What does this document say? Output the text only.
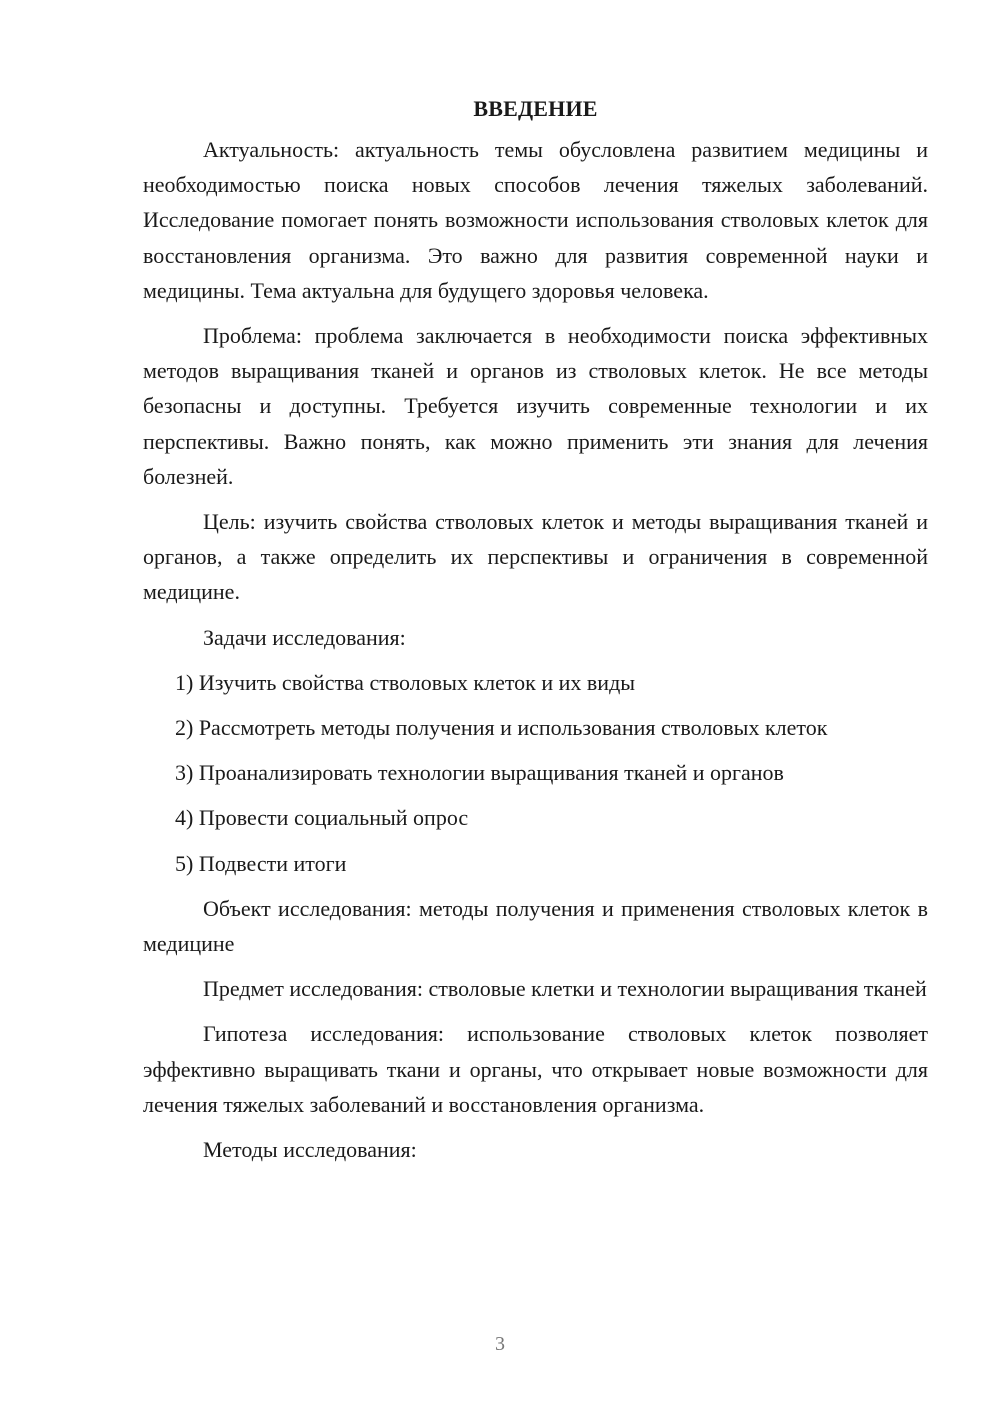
ВВЕДЕНИЕ

Актуальность: актуальность темы обусловлена развитием медицины и необходимостью поиска новых способов лечения тяжелых заболеваний. Исследование помогает понять возможности использования стволовых клеток для восстановления организма. Это важно для развития современной науки и медицины. Тема актуальна для будущего здоровья человека.

Проблема: проблема заключается в необходимости поиска эффективных методов выращивания тканей и органов из стволовых клеток. Не все методы безопасны и доступны. Требуется изучить современные технологии и их перспективы. Важно понять, как можно применить эти знания для лечения болезней.

Цель: изучить свойства стволовых клеток и методы выращивания тканей и органов, а также определить их перспективы и ограничения в современной медицине.

Задачи исследования:

1) Изучить свойства стволовых клеток и их виды
2) Рассмотреть методы получения и использования стволовых клеток
3) Проанализировать технологии выращивания тканей и органов
4) Провести социальный опрос
5) Подвести итоги

Объект исследования: методы получения и применения стволовых клеток в медицине

Предмет исследования: стволовые клетки и технологии выращивания тканей

Гипотеза исследования: использование стволовых клеток позволяет эффективно выращивать ткани и органы, что открывает новые возможности для лечения тяжелых заболеваний и восстановления организма.

Методы исследования:

3
